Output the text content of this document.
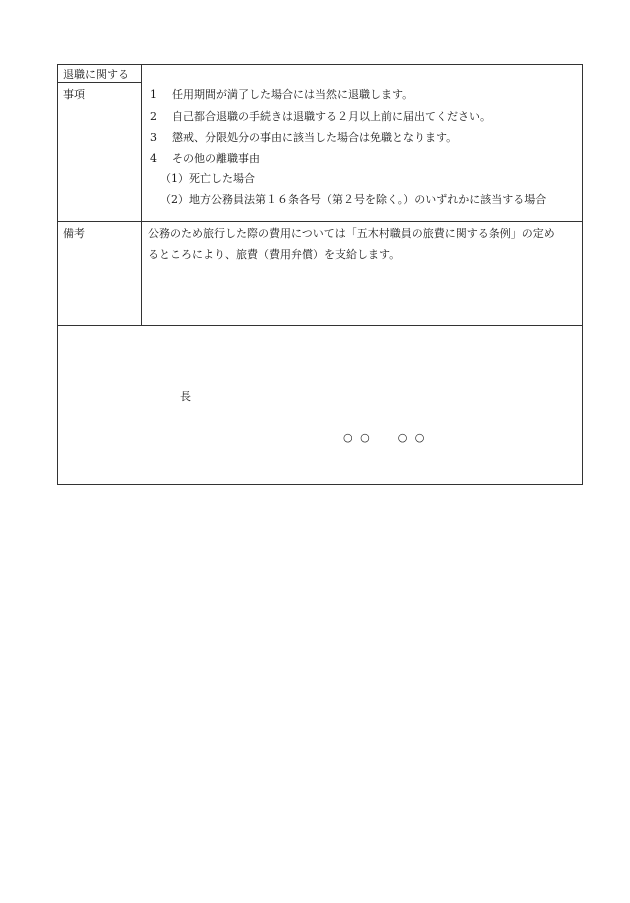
退職に関する
事項	1 任用期間が満了した場合には当然に退職します。
2 自己都合退職の手続きは退職する２月以上前に届出てください。
3 懲戒、分限処分の事由に該当した場合は免職となります。
4 その他の離職事由
（1）死亡した場合
（2）地方公務員法第１６条各号（第２号を除く。）のいずれかに該当する場合
備考	公務のため旅行した際の費用については「五木村職員の旅費に関する条例」の定め
るところにより、旅費（費用弁償）を支給します。
長
○ ○　　○ ○
